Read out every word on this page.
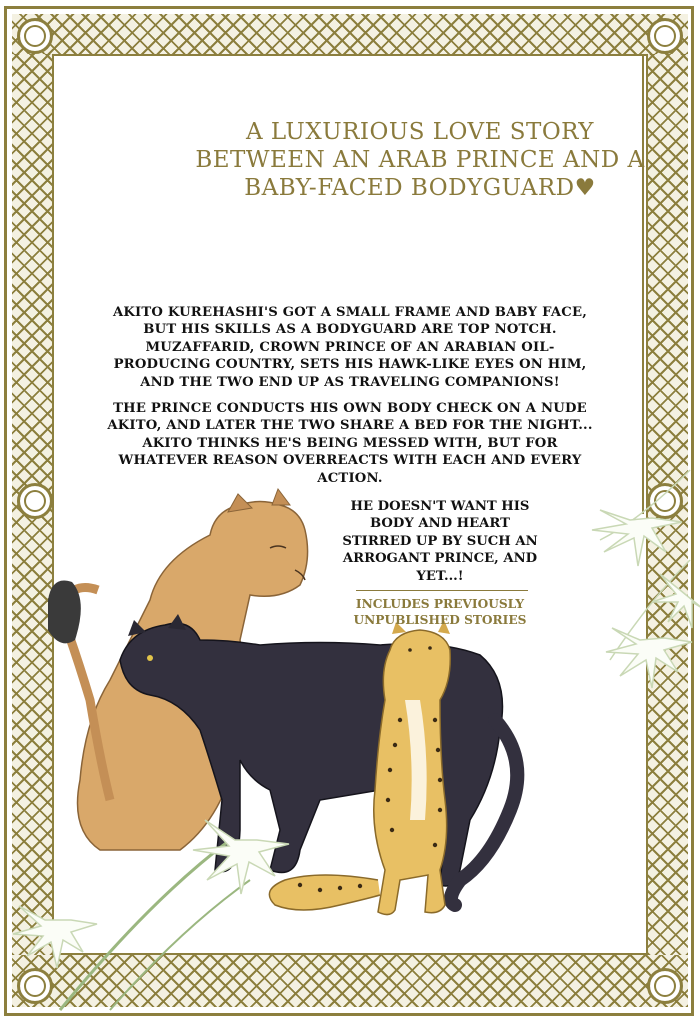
A LUXURIOUS LOVE STORY BETWEEN AN ARAB PRINCE AND A BABY-FACED BODYGUARD♥

AKITO KUREHASHI'S GOT A SMALL FRAME AND BABY FACE, BUT HIS SKILLS AS A BODYGUARD ARE TOP NOTCH. MUZAFFARID, CROWN PRINCE OF AN ARABIAN OIL-PRODUCING COUNTRY, SETS HIS HAWK-LIKE EYES ON HIM, AND THE TWO END UP AS TRAVELING COMPANIONS!

THE PRINCE CONDUCTS HIS OWN BODY CHECK ON A NUDE AKITO, AND LATER THE TWO SHARE A BED FOR THE NIGHT... AKITO THINKS HE'S BEING MESSED WITH, BUT FOR WHATEVER REASON OVERREACTS WITH EACH AND EVERY ACTION.

HE DOESN'T WANT HIS BODY AND HEART STIRRED UP BY SUCH AN ARROGANT PRINCE, AND YET...!

INCLUDES PREVIOUSLY UNPUBLISHED STORIES
